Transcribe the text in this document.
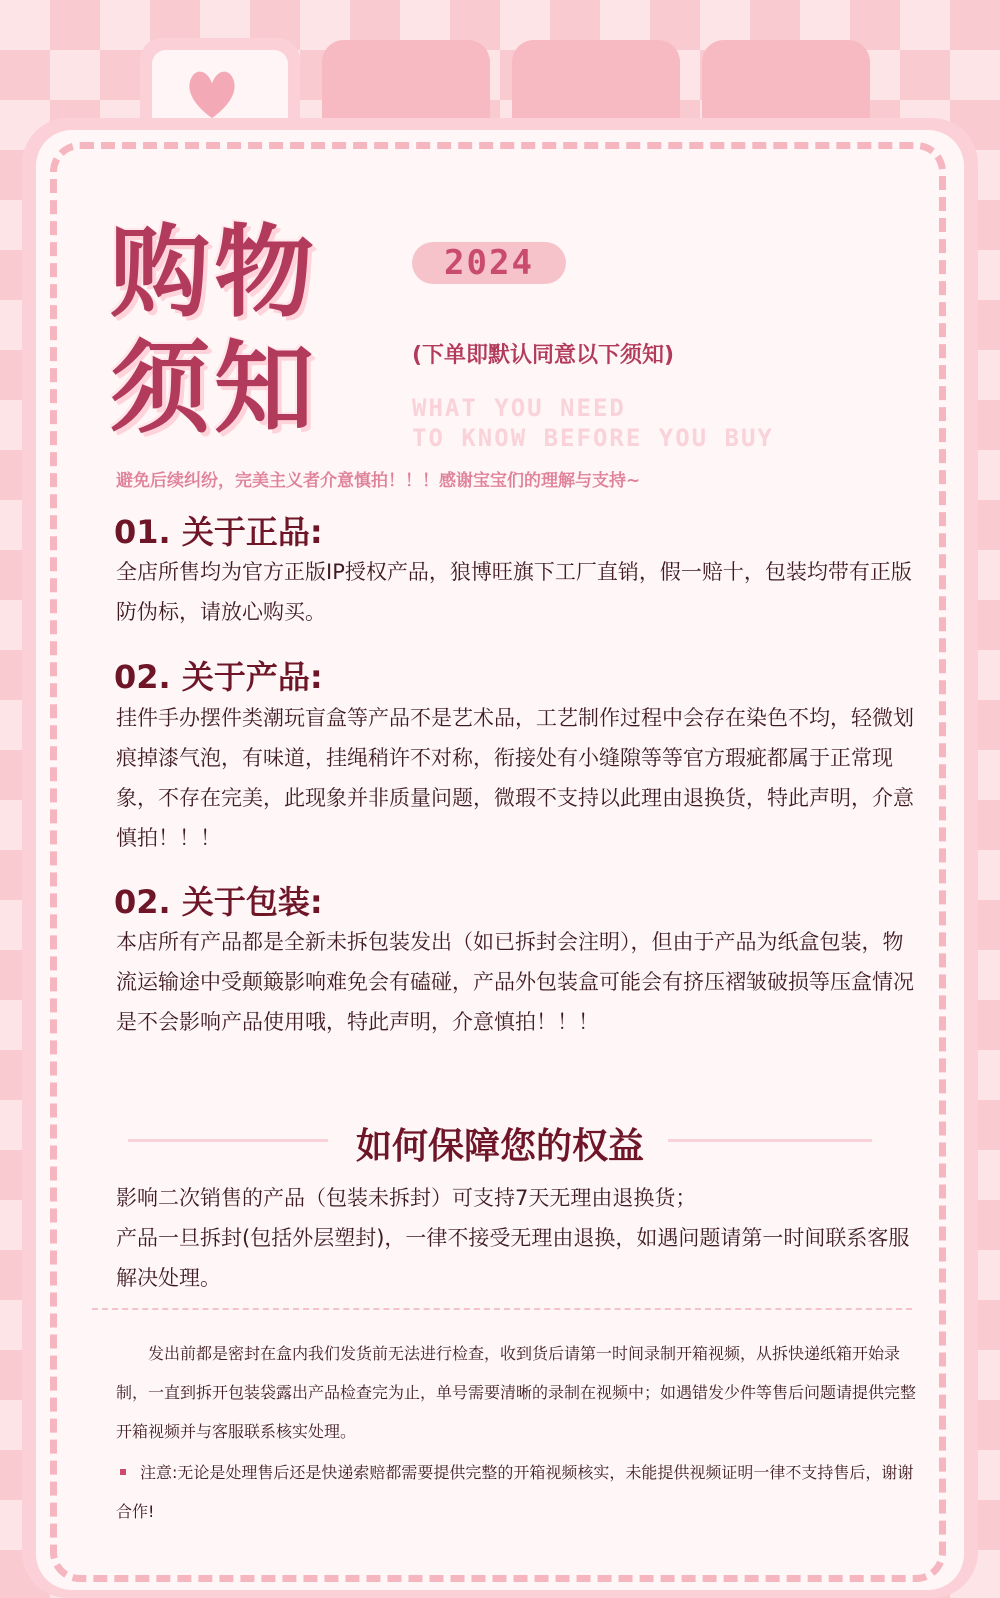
购物
须知
2024
(下单即默认同意以下须知)
WHAT YOU NEED
TO KNOW BEFORE YOU BUY
避免后续纠纷，完美主义者介意慎拍！！！感谢宝宝们的理解与支持~
01. 关于正品:
全店所售均为官方正版IP授权产品，狼博旺旗下工厂直销，假一赔十，包装均带有正版防伪标，请放心购买。
02. 关于产品:
挂件手办摆件类潮玩盲盒等产品不是艺术品，工艺制作过程中会存在染色不均，轻微划痕掉漆气泡，有味道，挂绳稍许不对称，衔接处有小缝隙等等官方瑕疵都属于正常现象，不存在完美，此现象并非质量问题，微瑕不支持以此理由退换货，特此声明，介意慎拍！！！
02. 关于包装:
本店所有产品都是全新未拆包装发出（如已拆封会注明），但由于产品为纸盒包装，物流运输途中受颠簸影响难免会有磕碰，产品外包装盒可能会有挤压褶皱破损等压盒情况是不会影响产品使用哦，特此声明，介意慎拍！！！
如何保障您的权益
影响二次销售的产品（包装未拆封）可支持7天无理由退换货；
产品一旦拆封(包括外层塑封)，一律不接受无理由退换，如遇问题请第一时间联系客服解决处理。
发出前都是密封在盒内我们发货前无法进行检查，收到货后请第一时间录制开箱视频，从拆快递纸箱开始录制，一直到拆开包装袋露出产品检查完为止，单号需要清晰的录制在视频中；如遇错发少件等售后问题请提供完整开箱视频并与客服联系核实处理。
注意:无论是处理售后还是快递索赔都需要提供完整的开箱视频核实，未能提供视频证明一律不支持售后，谢谢合作!
